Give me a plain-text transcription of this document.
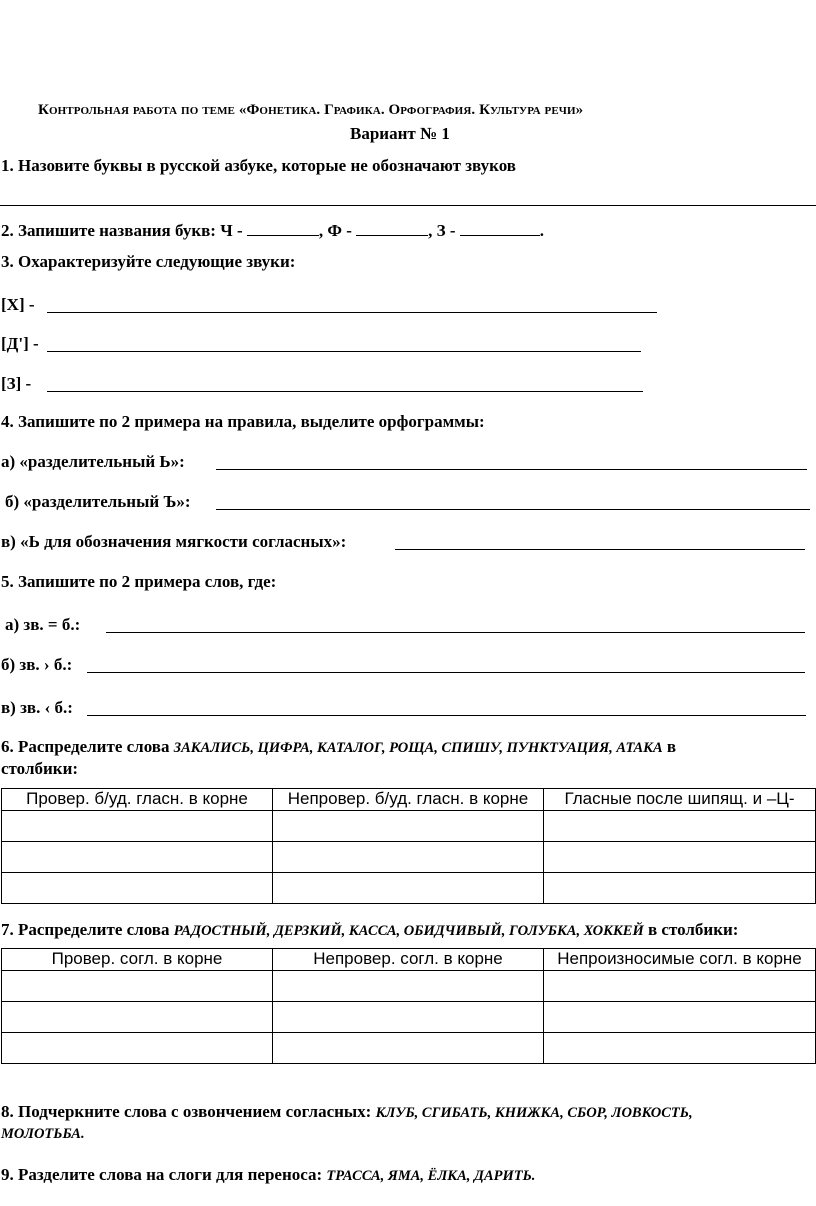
Контрольная работа по теме «Фонетика. Графика. Орфография. Культура речи»
Вариант № 1
1. Назовите буквы в русской азбуке, которые не обозначают звуков
2. Запишите названия букв: Ч -	, Ф -	, З -	.
3. Охарактеризуйте следующие звуки:
[Х] -
[Д'] -
[З] -
4. Запишите по 2 примера на правила, выделите орфограммы:
а) «разделительный Ь»:
б) «разделительный Ъ»:
в) «Ь для обозначения мягкости согласных»:
5. Запишите по 2 примера слов, где:
а) зв. = б.:
б) зв. › б.:
в) зв. ‹ б.:
6. Распределите слова ЗАКАЛИСЬ, ЦИФРА, КАТАЛОГ, РОЩА, СПИШУ, ПУНКТУАЦИЯ, АТАКА в
столбики:
Провер. б/уд. гласн. в корне	Непровер. б/уд. гласн. в корне	Гласные после шипящ. и –Ц-

7. Распределите слова РАДОСТНЫЙ, ДЕРЗКИЙ, КАССА, ОБИДЧИВЫЙ, ГОЛУБКА, ХОККЕЙ в столбики:
Провер. согл. в корне	Непровер. согл. в корне	Непроизносимые согл. в корне

8. Подчеркните слова с озвончением согласных: КЛУБ, СГИБАТЬ, КНИЖКА, СБОР, ЛОВКОСТЬ,
МОЛОТЬБА.
9. Разделите слова на слоги для переноса: ТРАССА, ЯМА, ЁЛКА, ДАРИТЬ.
